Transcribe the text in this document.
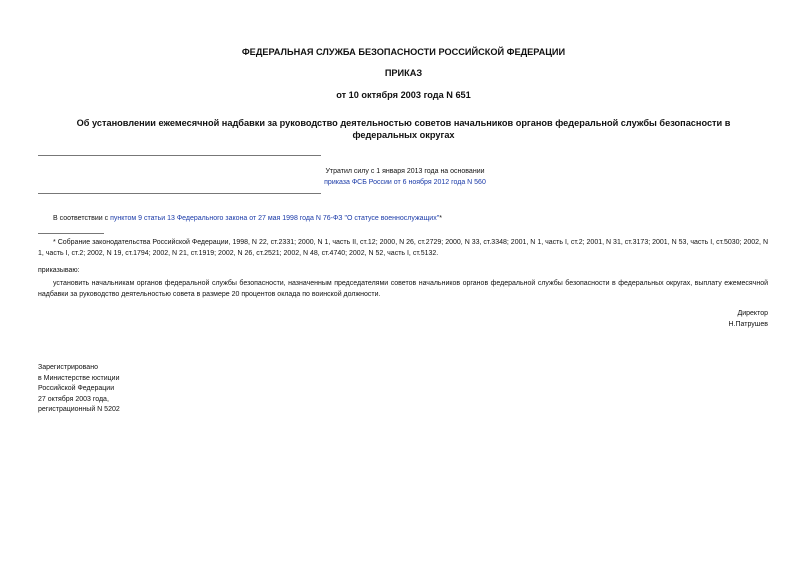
ФЕДЕРАЛЬНАЯ СЛУЖБА БЕЗОПАСНОСТИ РОССИЙСКОЙ ФЕДЕРАЦИИ
ПРИКАЗ
от 10 октября 2003 года N 651
Об установлении ежемесячной надбавки за руководство деятельностью советов начальников органов федеральной службы безопасности в федеральных округах
Утратил силу с 1 января 2013 года на основании
приказа ФСБ России от 6 ноября 2012 года N 560
В соответствии с пунктом 9 статьи 13 Федерального закона от 27 мая 1998 года N 76-ФЗ "О статусе военнослужащих"*
* Собрание законодательства Российской Федерации, 1998, N 22, ст.2331; 2000, N 1, часть II, ст.12; 2000, N 26, ст.2729; 2000, N 33, ст.3348; 2001, N 1, часть I, ст.2; 2001, N 31, ст.3173; 2001, N 53, часть I, ст.5030; 2002, N 1, часть I, ст.2; 2002, N 19, ст.1794; 2002, N 21, ст.1919; 2002, N 26, ст.2521; 2002, N 48, ст.4740; 2002, N 52, часть I, ст.5132.
приказываю:
установить начальникам органов федеральной службы безопасности, назначенным председателями советов начальников органов федеральной службы безопасности в федеральных округах, выплату ежемесячной надбавки за руководство деятельностью совета в размере 20 процентов оклада по воинской должности.
Директор
Н.Патрушев
Зарегистрировано
в Министерстве юстиции
Российской Федерации
27 октября 2003 года,
регистрационный N 5202
